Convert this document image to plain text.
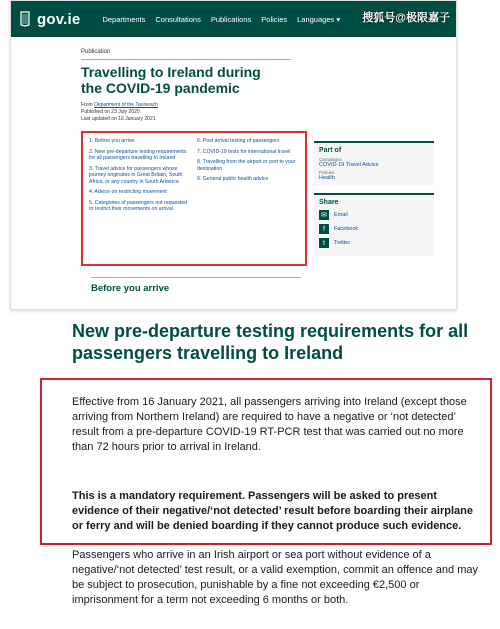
gov.ie	Departments Consultations Publications Policies Languages ▾
Publication
Travelling to Ireland during the COVID-19 pandemic
From Department of the Taoiseach
Published on 23 July 2020
Last updated on 16 January 2021
1. Before you arrive
2. New pre-departure testing requirements for all passengers travelling to Ireland
3. Travel advice for passengers whose journey originates in Great Britain, South Africa, or any country in South America
4. Advice on restricting movement
5. Categories of passengers not requested to restrict their movements on arrival
6. Post arrival testing of passengers
7. COVID-19 tests for international travel
8. Travelling from the airport or port to your destination
9. General public health advice
Part of
Campaigns
COVID-19 Travel Advice
Policies
Health
Share
✉	Email
f	Facebook
t	Twitter
Before you arrive
搜狐号@极限嘉子
New pre-departure testing requirements for all passengers travelling to Ireland
Effective from 16 January 2021, all passengers arriving into Ireland (except those arriving from Northern Ireland) are required to have a negative or ‘not detected’ result from a pre-departure COVID-19 RT-PCR test that was carried out no more than 72 hours prior to arrival in Ireland.
This is a mandatory requirement. Passengers will be asked to present evidence of their negative/‘not detected’ result before boarding their airplane or ferry and will be denied boarding if they cannot produce such evidence.
Passengers who arrive in an Irish airport or sea port without evidence of a negative/‘not detected’ test result, or a valid exemption, commit an offence and may be subject to prosecution, punishable by a fine not exceeding €2,500 or imprisonment for a term not exceeding 6 months or both.
